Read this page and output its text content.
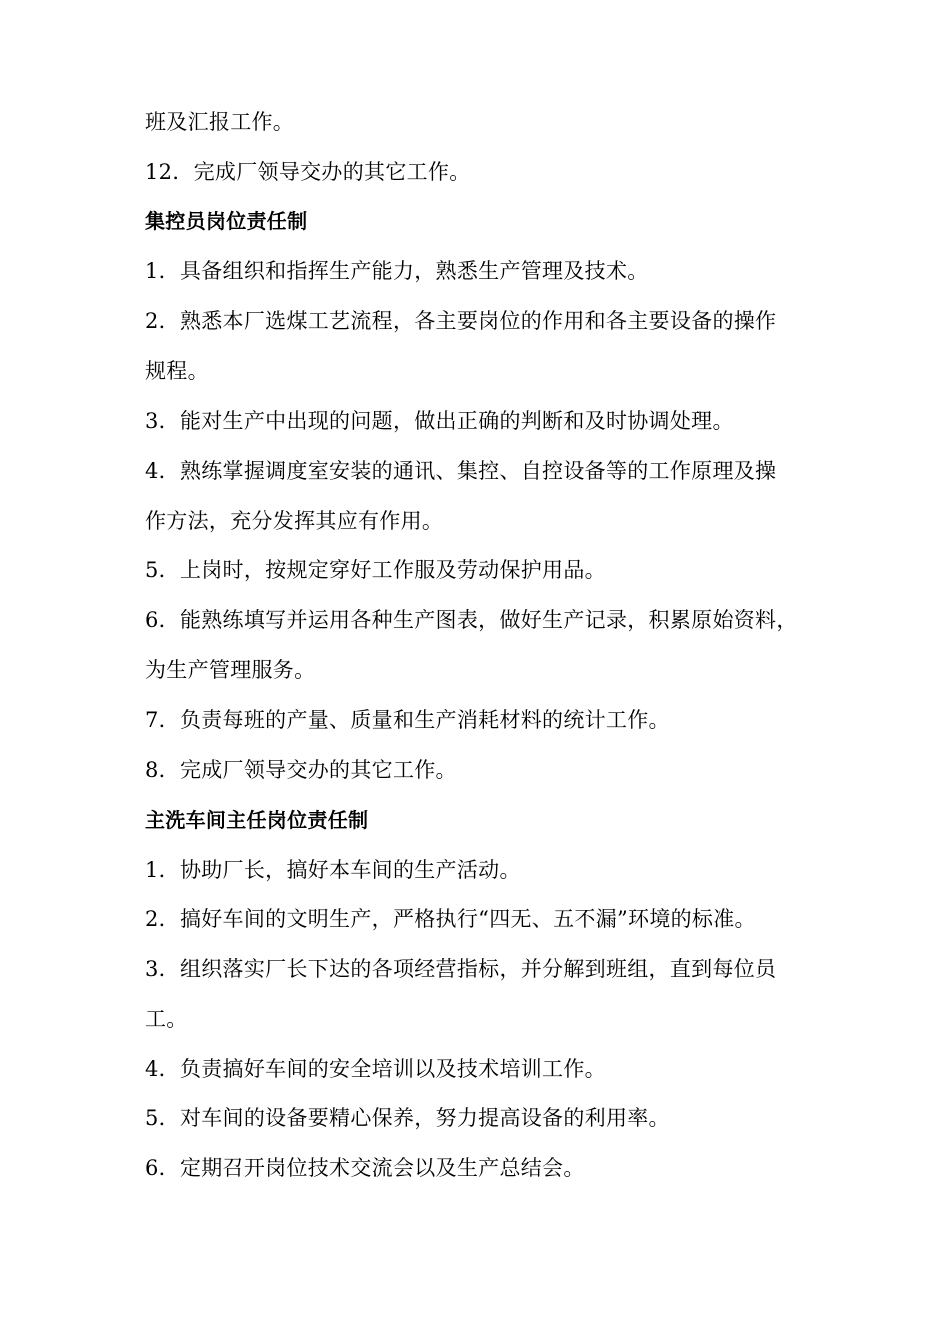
班及汇报工作。
12．完成厂领导交办的其它工作。
集控员岗位责任制
1．具备组织和指挥生产能力，熟悉生产管理及技术。
2．熟悉本厂选煤工艺流程，各主要岗位的作用和各主要设备的操作
规程。
3．能对生产中出现的问题，做出正确的判断和及时协调处理。
4．熟练掌握调度室安装的通讯、集控、自控设备等的工作原理及操
作方法，充分发挥其应有作用。
5．上岗时，按规定穿好工作服及劳动保护用品。
6．能熟练填写并运用各种生产图表，做好生产记录，积累原始资料，
为生产管理服务。
7．负责每班的产量、质量和生产消耗材料的统计工作。
8．完成厂领导交办的其它工作。
主洗车间主任岗位责任制
1．协助厂长，搞好本车间的生产活动。
2．搞好车间的文明生产，严格执行“四无、五不漏”环境的标准。
3．组织落实厂长下达的各项经营指标，并分解到班组，直到每位员
工。
4．负责搞好车间的安全培训以及技术培训工作。
5．对车间的设备要精心保养，努力提高设备的利用率。
6．定期召开岗位技术交流会以及生产总结会。
